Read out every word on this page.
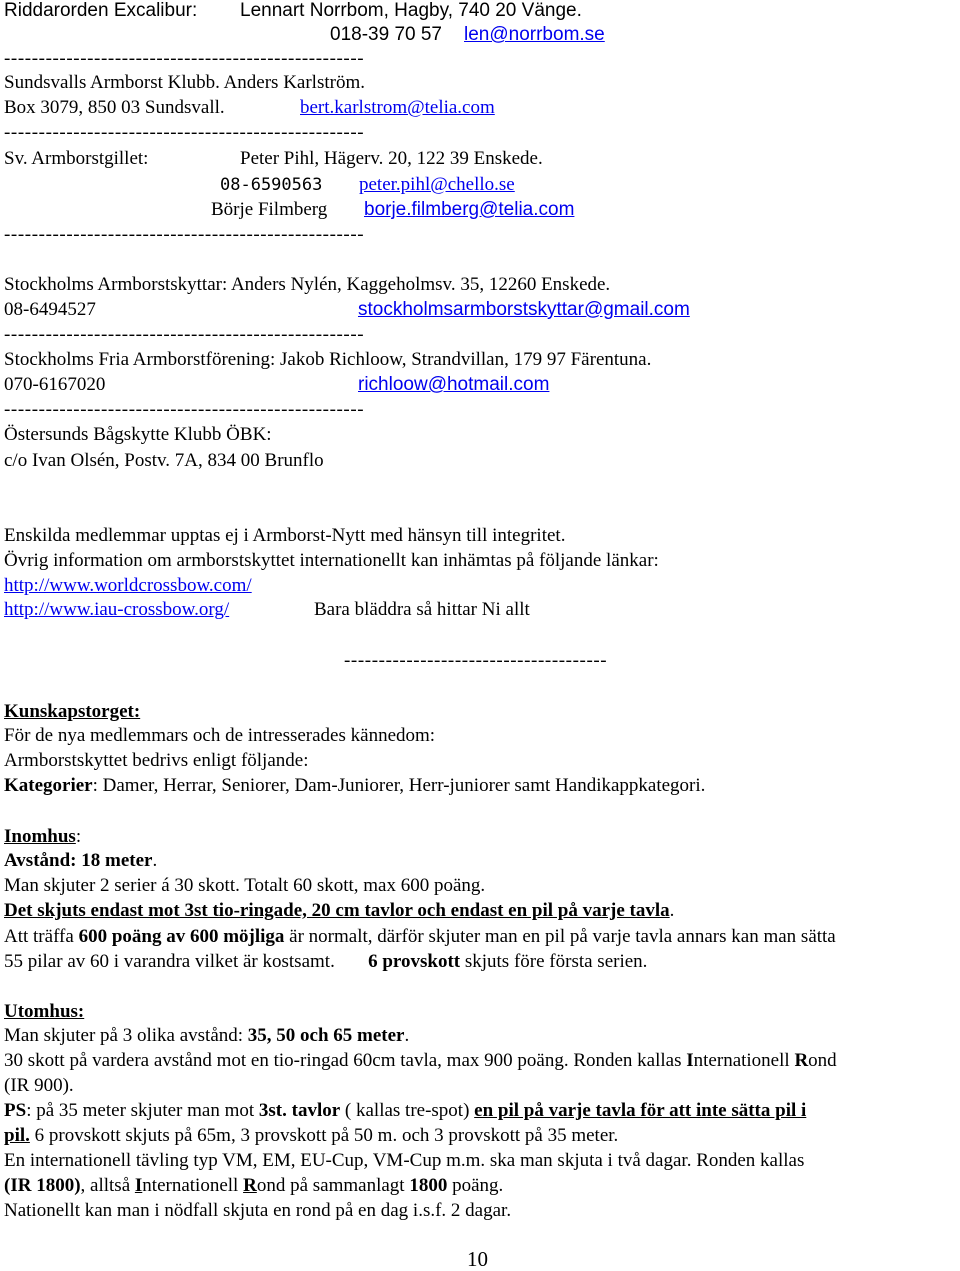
Riddarorden Excalibur: Lennart Norrbom, Hagby, 740 20 Vänge.
018-39 70 57 len@norrbom.se
----------------------------------------------------
Sundsvalls Armborst Klubb. Anders Karlström.
Box 3079, 850 03 Sundsvall.	bert.karlstrom@telia.com
----------------------------------------------------
Sv. Armborstgillet:	Peter Pihl, Hägerv. 20, 122 39 Enskede.
08-6590563 peter.pihl@chello.se
Börje Filmberg borje.filmberg@telia.com
----------------------------------------------------
Stockholms Armborstskyttar: Anders Nylén, Kaggeholmsv. 35, 12260 Enskede.
08-6494527	stockholmsarmborstskyttar@gmail.com
----------------------------------------------------
Stockholms Fria Armborstförening: Jakob Richloow, Strandvillan, 179 97 Färentuna.
070-6167020	richloow@hotmail.com
----------------------------------------------------
Östersunds Bågskytte Klubb ÖBK:
c/o Ivan Olsén, Postv. 7A, 834 00 Brunflo
Enskilda medlemmar upptas ej i Armborst-Nytt med hänsyn till integritet.
Övrig information om armborstskyttet internationellt kan inhämtas på följande länkar:
http://www.worldcrossbow.com/
http://www.iau-crossbow.org/	Bara bläddra så hittar Ni allt
--------------------------------------
Kunskapstorget:
För de nya medlemmars och de intresserades kännedom:
Armborstskyttet bedrivs enligt följande:
Kategorier: Damer, Herrar, Seniorer, Dam-Juniorer, Herr-juniorer samt Handikappkategori.
Inomhus:
Avstånd: 18 meter.
Man skjuter 2 serier á 30 skott. Totalt 60 skott, max 600 poäng.
Det skjuts endast mot 3st tio-ringade, 20 cm tavlor och endast en pil på varje tavla.
Att träffa 600 poäng av 600 möjliga är normalt, därför skjuter man en pil på varje tavla annars kan man sätta
55 pilar av 60 i varandra vilket är kostsamt.       6 provskott skjuts före första serien.
Utomhus:
Man skjuter på 3 olika avstånd: 35, 50 och 65 meter.
30 skott på vardera avstånd mot en tio-ringad 60cm tavla, max 900 poäng. Ronden kallas Internationell Rond
(IR 900).
PS: på 35 meter skjuter man mot 3st. tavlor ( kallas tre-spot) en pil på varje tavla för att inte sätta pil i
pil. 6 provskott skjuts på 65m, 3 provskott på 50 m. och 3 provskott på 35 meter.
En internationell tävling typ VM, EM, EU-Cup, VM-Cup m.m. ska man skjuta i två dagar. Ronden kallas
(IR 1800), alltså Internationell Rond på sammanlagt 1800 poäng.
Nationellt kan man i nödfall skjuta en rond på en dag i.s.f. 2 dagar.
10
